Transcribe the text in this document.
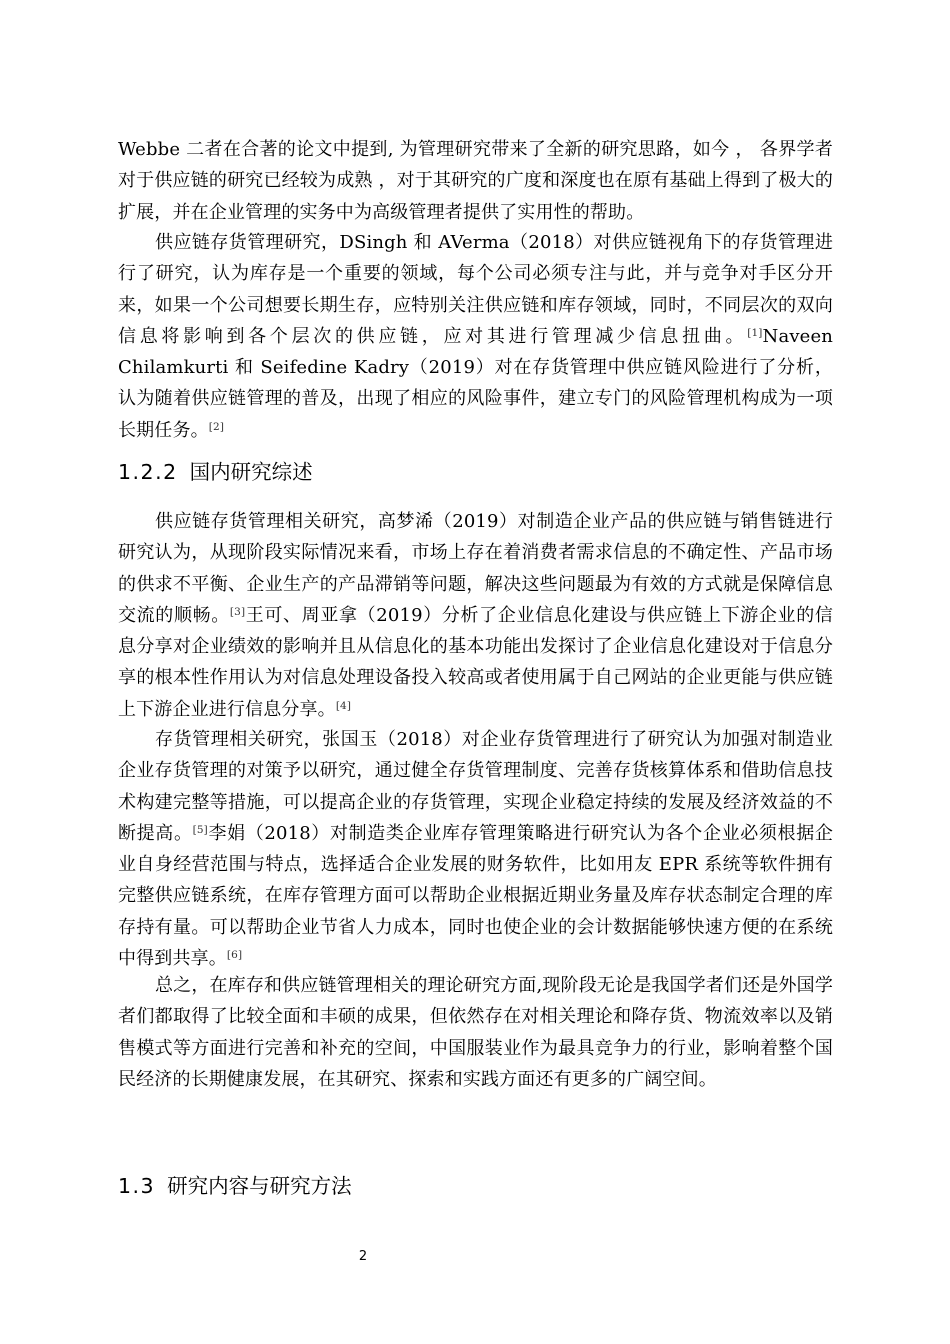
Webbe 二者在合著的论文中提到, 为管理研究带来了全新的研究思路，如今 ， 各界学者对于供应链的研究已经较为成熟 ，对于其研究的广度和深度也在原有基础上得到了极大的扩展，并在企业管理的实务中为高级管理者提供了实用性的帮助。

供应链存货管理研究，DSingh 和 AVerma（2018）对供应链视角下的存货管理进行了研究，认为库存是一个重要的领域，每个公司必须专注与此，并与竞争对手区分开来，如果一个公司想要长期生存，应特别关注供应链和库存领域，同时，不同层次的双向信息将影响到各个层次的供应链，应对其进行管理减少信息扭曲。[1]Naveen Chilamkurti 和 Seifedine Kadry（2019）对在存货管理中供应链风险进行了分析，认为随着供应链管理的普及，出现了相应的风险事件，建立专门的风险管理机构成为一项长期任务。[2]

1.2.2 国内研究综述

供应链存货管理相关研究，高梦浠（2019）对制造企业产品的供应链与销售链进行研究认为，从现阶段实际情况来看，市场上存在着消费者需求信息的不确定性、产品市场的供求不平衡、企业生产的产品滞销等问题，解决这些问题最为有效的方式就是保障信息交流的顺畅。[3]王可、周亚拿（2019）分析了企业信息化建设与供应链上下游企业的信息分享对企业绩效的影响并且从信息化的基本功能出发探讨了企业信息化建设对于信息分享的根本性作用认为对信息处理设备投入较高或者使用属于自己网站的企业更能与供应链上下游企业进行信息分享。[4]

存货管理相关研究，张国玉（2018）对企业存货管理进行了研究认为加强对制造业企业存货管理的对策予以研究，通过健全存货管理制度、完善存货核算体系和借助信息技术构建完整等措施，可以提高企业的存货管理，实现企业稳定持续的发展及经济效益的不断提高。[5]李娟（2018）对制造类企业库存管理策略进行研究认为各个企业必须根据企业自身经营范围与特点，选择适合企业发展的财务软件，比如用友 EPR 系统等软件拥有完整供应链系统，在库存管理方面可以帮助企业根据近期业务量及库存状态制定合理的库存持有量。可以帮助企业节省人力成本，同时也使企业的会计数据能够快速方便的在系统中得到共享。[6]

总之，在库存和供应链管理相关的理论研究方面,现阶段无论是我国学者们还是外国学者们都取得了比较全面和丰硕的成果，但依然存在对相关理论和降存货、物流效率以及销售模式等方面进行完善和补充的空间，中国服装业作为最具竞争力的行业，影响着整个国民经济的长期健康发展，在其研究、探索和实践方面还有更多的广阔空间。

1.3 研究内容与研究方法
2
